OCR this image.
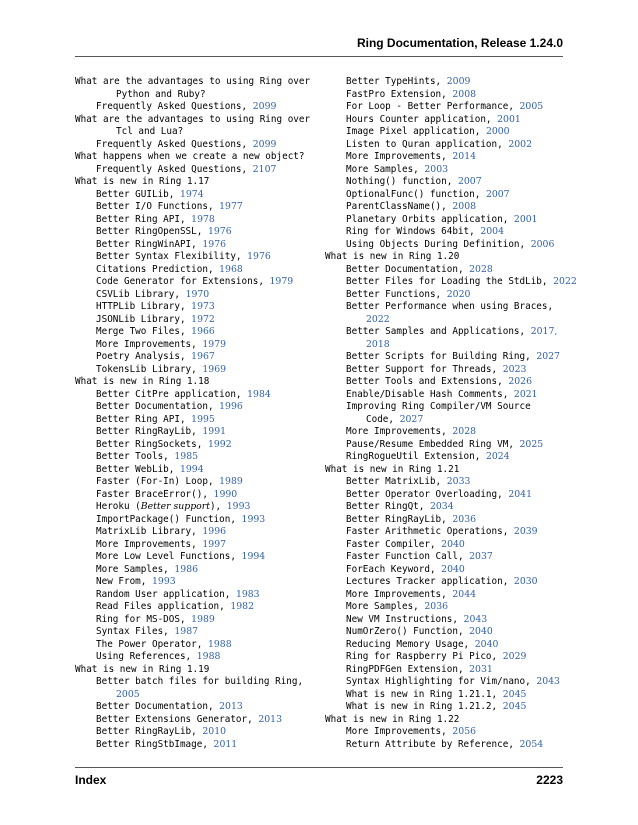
Ring Documentation, Release 1.24.0
What are the advantages to using Ring over Python and Ruby?
Frequently Asked Questions, 2099
What are the advantages to using Ring over Tcl and Lua?
Frequently Asked Questions, 2099
What happens when we create a new object?
Frequently Asked Questions, 2107
What is new in Ring 1.17
Better GUILib, 1974
Better I/O Functions, 1977
Better Ring API, 1978
Better RingOpenSSL, 1976
Better RingWinAPI, 1976
Better Syntax Flexibility, 1976
Citations Prediction, 1968
Code Generator for Extensions, 1979
CSVLib Library, 1970
HTTPLib Library, 1973
JSONLib Library, 1972
Merge Two Files, 1966
More Improvements, 1979
Poetry Analysis, 1967
TokensLib Library, 1969
What is new in Ring 1.18
Better CitPre application, 1984
Better Documentation, 1996
Better Ring API, 1995
Better RingRayLib, 1991
Better RingSockets, 1992
Better Tools, 1985
Better WebLib, 1994
Faster (For-In) Loop, 1989
Faster BraceError(), 1990
Heroku (Better support), 1993
ImportPackage() Function, 1993
MatrixLib Library, 1996
More Improvements, 1997
More Low Level Functions, 1994
More Samples, 1986
New From, 1993
Random User application, 1983
Read Files application, 1982
Ring for MS-DOS, 1989
Syntax Files, 1987
The Power Operator, 1988
Using References, 1988
What is new in Ring 1.19
Better batch files for building Ring, 2005
Better Documentation, 2013
Better Extensions Generator, 2013
Better RingRayLib, 2010
Better RingStbImage, 2011
Better TypeHints, 2009
FastPro Extension, 2008
For Loop - Better Performance, 2005
Hours Counter application, 2001
Image Pixel application, 2000
Listen to Quran application, 2002
More Improvements, 2014
More Samples, 2003
Nothing() function, 2007
OptionalFunc() function, 2007
ParentClassName(), 2008
Planetary Orbits application, 2001
Ring for Windows 64bit, 2004
Using Objects During Definition, 2006
What is new in Ring 1.20
Better Documentation, 2028
Better Files for Loading the StdLib, 2022
Better Functions, 2020
Better Performance when using Braces, 2022
Better Samples and Applications, 2017, 2018
Better Scripts for Building Ring, 2027
Better Support for Threads, 2023
Better Tools and Extensions, 2026
Enable/Disable Hash Comments, 2021
Improving Ring Compiler/VM Source Code, 2027
More Improvements, 2028
Pause/Resume Embedded Ring VM, 2025
RingRogueUtil Extension, 2024
What is new in Ring 1.21
Better MatrixLib, 2033
Better Operator Overloading, 2041
Better RingQt, 2034
Better RingRayLib, 2036
Faster Arithmetic Operations, 2039
Faster Compiler, 2040
Faster Function Call, 2037
ForEach Keyword, 2040
Lectures Tracker application, 2030
More Improvements, 2044
More Samples, 2036
New VM Instructions, 2043
NumOrZero() Function, 2040
Reducing Memory Usage, 2040
Ring for Raspberry Pi Pico, 2029
RingPDFGen Extension, 2031
Syntax Highlighting for Vim/nano, 2043
What is new in Ring 1.21.1, 2045
What is new in Ring 1.21.2, 2045
What is new in Ring 1.22
More Improvements, 2056
Return Attribute by Reference, 2054
Index	2223
